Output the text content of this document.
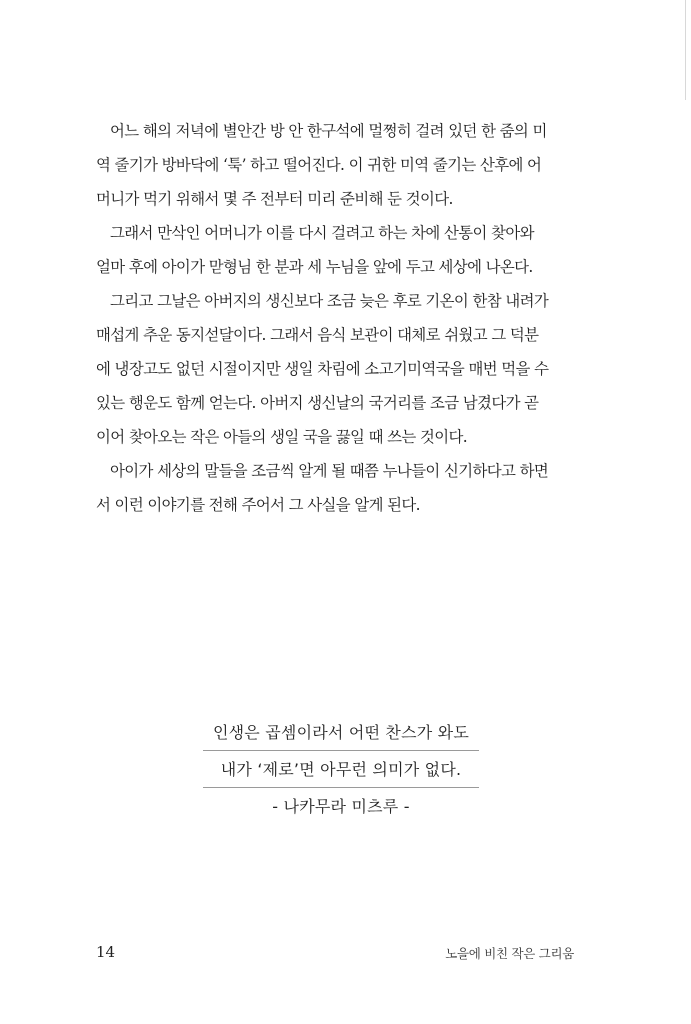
어느 해의 저녁에 별안간 방 안 한구석에 멀쩡히 걸려 있던 한 줌의 미
역 줄기가 방바닥에 ‘툭’ 하고 떨어진다. 이 귀한 미역 줄기는 산후에 어
머니가 먹기 위해서 몇 주 전부터 미리 준비해 둔 것이다.
그래서 만삭인 어머니가 이를 다시 걸려고 하는 차에 산통이 찾아와
얼마 후에 아이가 맏형님 한 분과 세 누님을 앞에 두고 세상에 나온다.
그리고 그날은 아버지의 생신보다 조금 늦은 후로 기온이 한참 내려가
매섭게 추운 동지섣달이다. 그래서 음식 보관이 대체로 쉬웠고 그 덕분
에 냉장고도 없던 시절이지만 생일 차림에 소고기미역국을 매번 먹을 수
있는 행운도 함께 얻는다. 아버지 생신날의 국거리를 조금 남겼다가 곧
이어 찾아오는 작은 아들의 생일 국을 끓일 때 쓰는 것이다.
아이가 세상의 말들을 조금씩 알게 될 때쯤 누나들이 신기하다고 하면
서 이런 이야기를 전해 주어서 그 사실을 알게 된다.
인생은 곱셈이라서 어떤 찬스가 와도
내가 ‘제로’면 아무런 의미가 없다.
- 나카무라 미츠루 -
14	노을에 비친 작은 그리움
